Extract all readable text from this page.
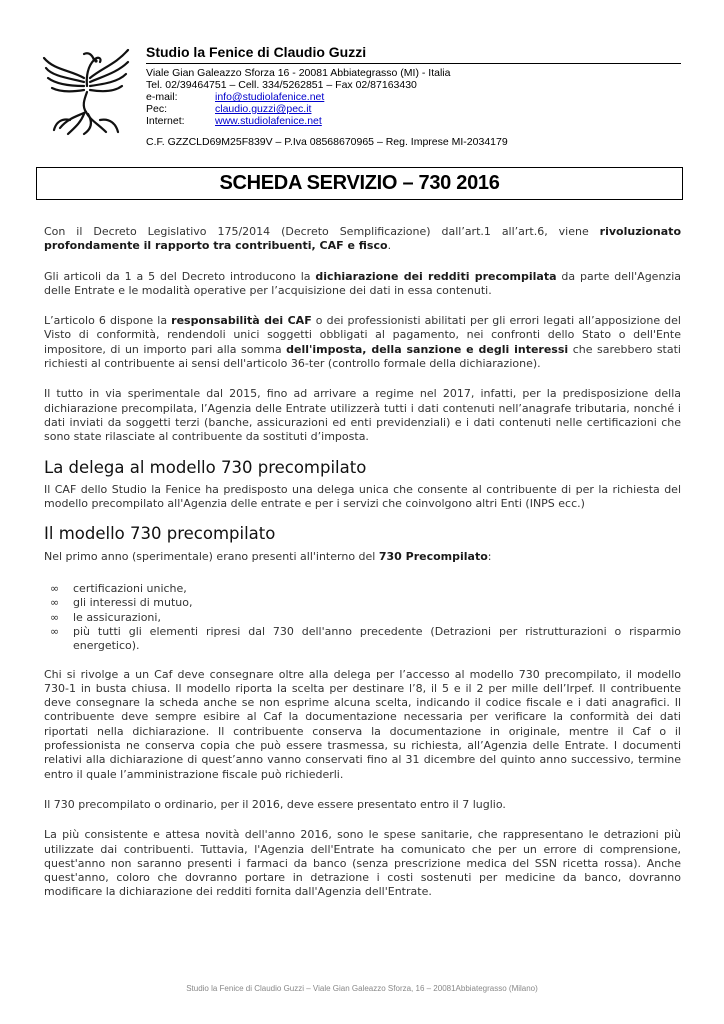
Studio la Fenice di Claudio Guzzi
Viale Gian Galeazzo Sforza 16 - 20081 Abbiategrasso (MI) - Italia
Tel. 02/39464751 – Cell. 334/5262851 – Fax 02/87163430
e-mail:	info@studiolafenice.net
Pec:	claudio.guzzi@pec.it
Internet:	www.studiolafenice.net
C.F. GZZCLD69M25F839V – P.Iva 08568670965 – Reg. Imprese MI-2034179
SCHEDA SERVIZIO – 730 2016

Con il Decreto Legislativo 175/2014 (Decreto Semplificazione) dall’art.1 all’art.6, viene rivoluzionato profondamente il rapporto tra contribuenti, CAF e fisco.

Gli articoli da 1 a 5 del Decreto introducono la dichiarazione dei redditi precompilata da parte dell'Agenzia delle Entrate e le modalità operative per l’acquisizione dei dati in essa contenuti.

L’articolo 6 dispone la responsabilità dei CAF o dei professionisti abilitati per gli errori legati all’apposizione del Visto di conformità, rendendoli unici soggetti obbligati al pagamento, nei confronti dello Stato o dell'Ente impositore, di un importo pari alla somma dell'imposta, della sanzione e degli interessi che sarebbero stati richiesti al contribuente ai sensi dell'articolo 36-ter (controllo formale della dichiarazione).

Il tutto in via sperimentale dal 2015, fino ad arrivare a regime nel 2017, infatti, per la predisposizione della dichiarazione precompilata, l’Agenzia delle Entrate utilizzerà tutti i dati contenuti nell’anagrafe tributaria, nonché i dati inviati da soggetti terzi (banche, assicurazioni ed enti previdenziali) e i dati contenuti nelle certificazioni che sono state rilasciate al contribuente da sostituti d’imposta.

La delega al modello 730 precompilato

Il CAF dello Studio la Fenice ha predisposto una delega unica che consente al contribuente di per la richiesta del modello precompilato all'Agenzia delle entrate e per i servizi che coinvolgono altri Enti (INPS ecc.)

Il modello 730 precompilato

Nel primo anno (sperimentale) erano presenti all'interno del 730 Precompilato:

∞ certificazioni uniche,
∞ gli interessi di mutuo,
∞ le assicurazioni,
∞ più tutti gli elementi ripresi dal 730 dell'anno precedente (Detrazioni per ristrutturazioni o risparmio energetico).

Chi si rivolge a un Caf deve consegnare oltre alla delega per l’accesso al modello 730 precompilato, il modello 730-1 in busta chiusa. Il modello riporta la scelta per destinare l’8, il 5 e il 2 per mille dell’Irpef. Il contribuente deve consegnare la scheda anche se non esprime alcuna scelta, indicando il codice fiscale e i dati anagrafici. Il contribuente deve sempre esibire al Caf la documentazione necessaria per verificare la conformità dei dati riportati nella dichiarazione. Il contribuente conserva la documentazione in originale, mentre il Caf o il professionista ne conserva copia che può essere trasmessa, su richiesta, all’Agenzia delle Entrate. I documenti relativi alla dichiarazione di quest’anno vanno conservati fino al 31 dicembre del quinto anno successivo, termine entro il quale l’amministrazione fiscale può richiederli.

Il 730 precompilato o ordinario, per il 2016, deve essere presentato entro il 7 luglio.

La più consistente e attesa novità dell'anno 2016, sono le spese sanitarie, che rappresentano le detrazioni più utilizzate dai contribuenti. Tuttavia, l'Agenzia dell'Entrate ha comunicato che per un errore di comprensione, quest'anno non saranno presenti i farmaci da banco (senza prescrizione medica del SSN ricetta rossa). Anche quest'anno, coloro che dovranno portare in detrazione i costi sostenuti per medicine da banco, dovranno modificare la dichiarazione dei redditi fornita dall'Agenzia dell'Entrate.

Studio la Fenice di Claudio Guzzi – Viale Gian Galeazzo Sforza, 16 – 20081Abbiategrasso (Milano)
